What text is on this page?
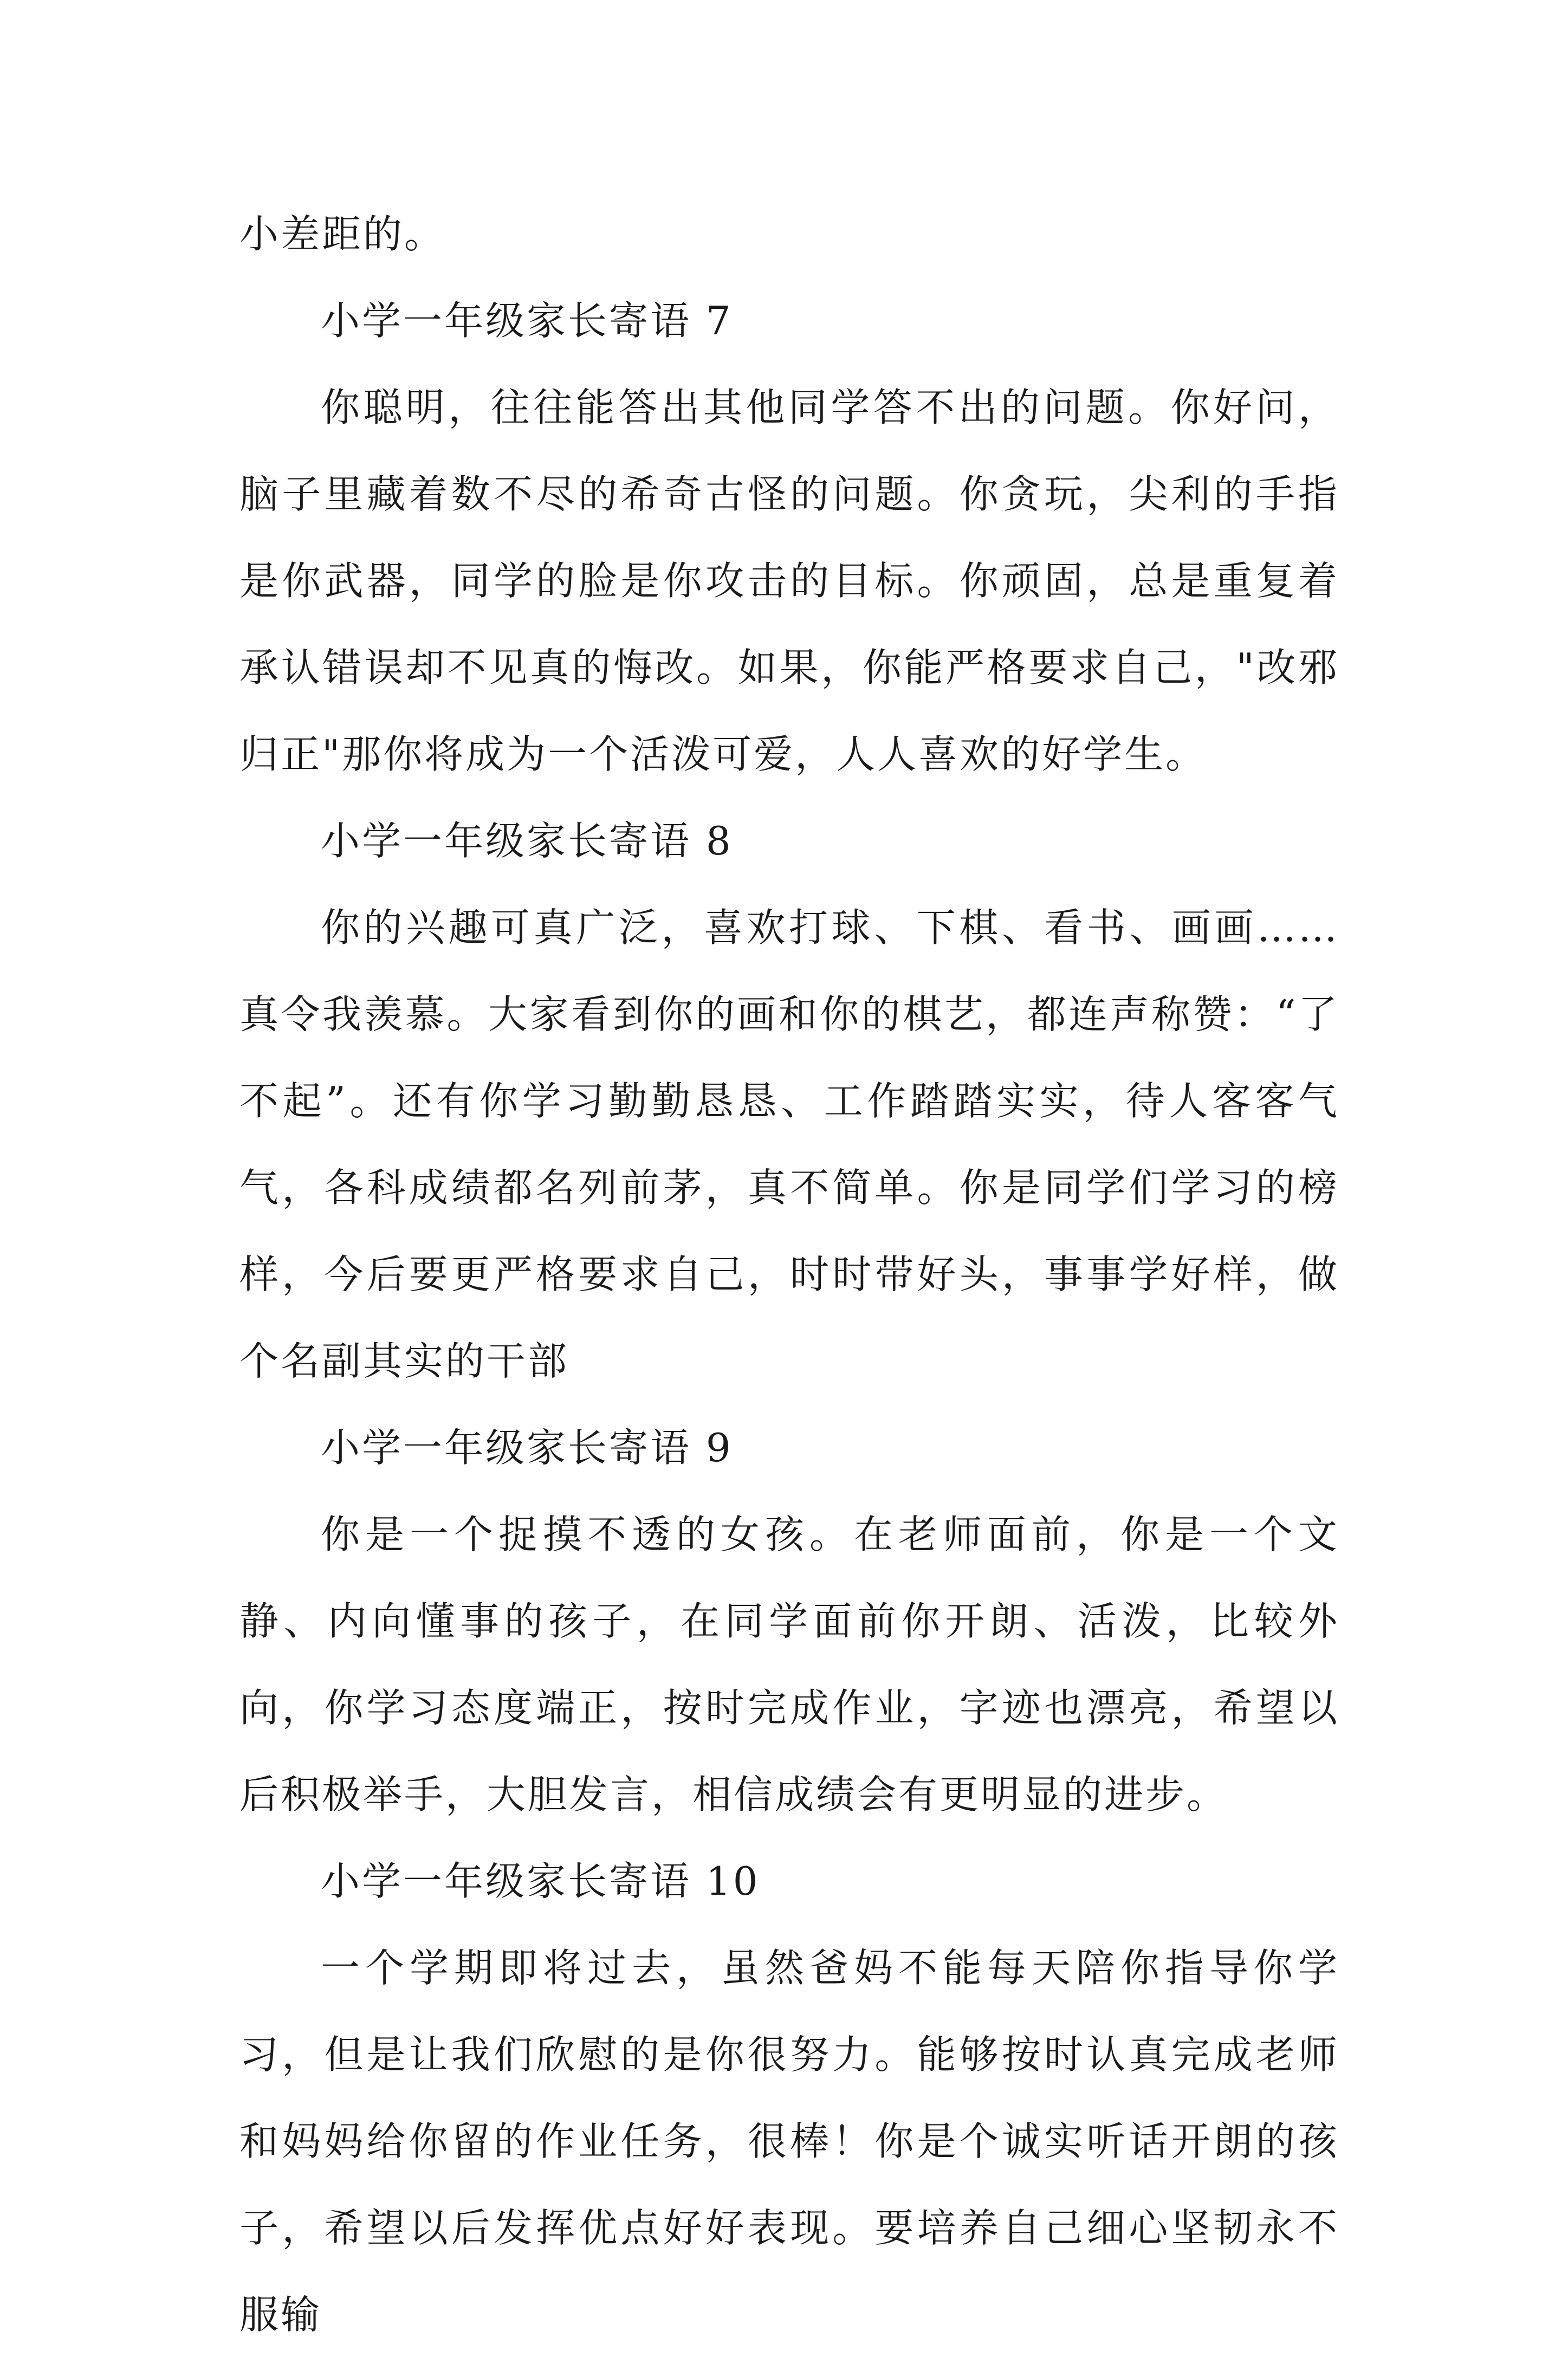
小差距的。

小学一年级家长寄语 7

你聪明，往往能答出其他同学答不出的问题。你好问，脑子里藏着数不尽的希奇古怪的问题。你贪玩，尖利的手指是你武器，同学的脸是你攻击的目标。你顽固，总是重复着承认错误却不见真的悔改。如果，你能严格要求自己，"改邪归正"那你将成为一个活泼可爱，人人喜欢的好学生。

小学一年级家长寄语 8

你的兴趣可真广泛，喜欢打球、下棋、看书、画画……真令我羡慕。大家看到你的画和你的棋艺，都连声称赞：“了不起”。还有你学习勤勤恳恳、工作踏踏实实，待人客客气气，各科成绩都名列前茅，真不简单。你是同学们学习的榜样，今后要更严格要求自己，时时带好头，事事学好样，做个名副其实的干部

小学一年级家长寄语 9

你是一个捉摸不透的女孩。在老师面前，你是一个文静、内向懂事的孩子，在同学面前你开朗、活泼，比较外向，你学习态度端正，按时完成作业，字迹也漂亮，希望以后积极举手，大胆发言，相信成绩会有更明显的进步。

小学一年级家长寄语 10

一个学期即将过去，虽然爸妈不能每天陪你指导你学习，但是让我们欣慰的是你很努力。能够按时认真完成老师和妈妈给你留的作业任务，很棒！你是个诚实听话开朗的孩子，希望以后发挥优点好好表现。要培养自己细心坚韧永不服输
